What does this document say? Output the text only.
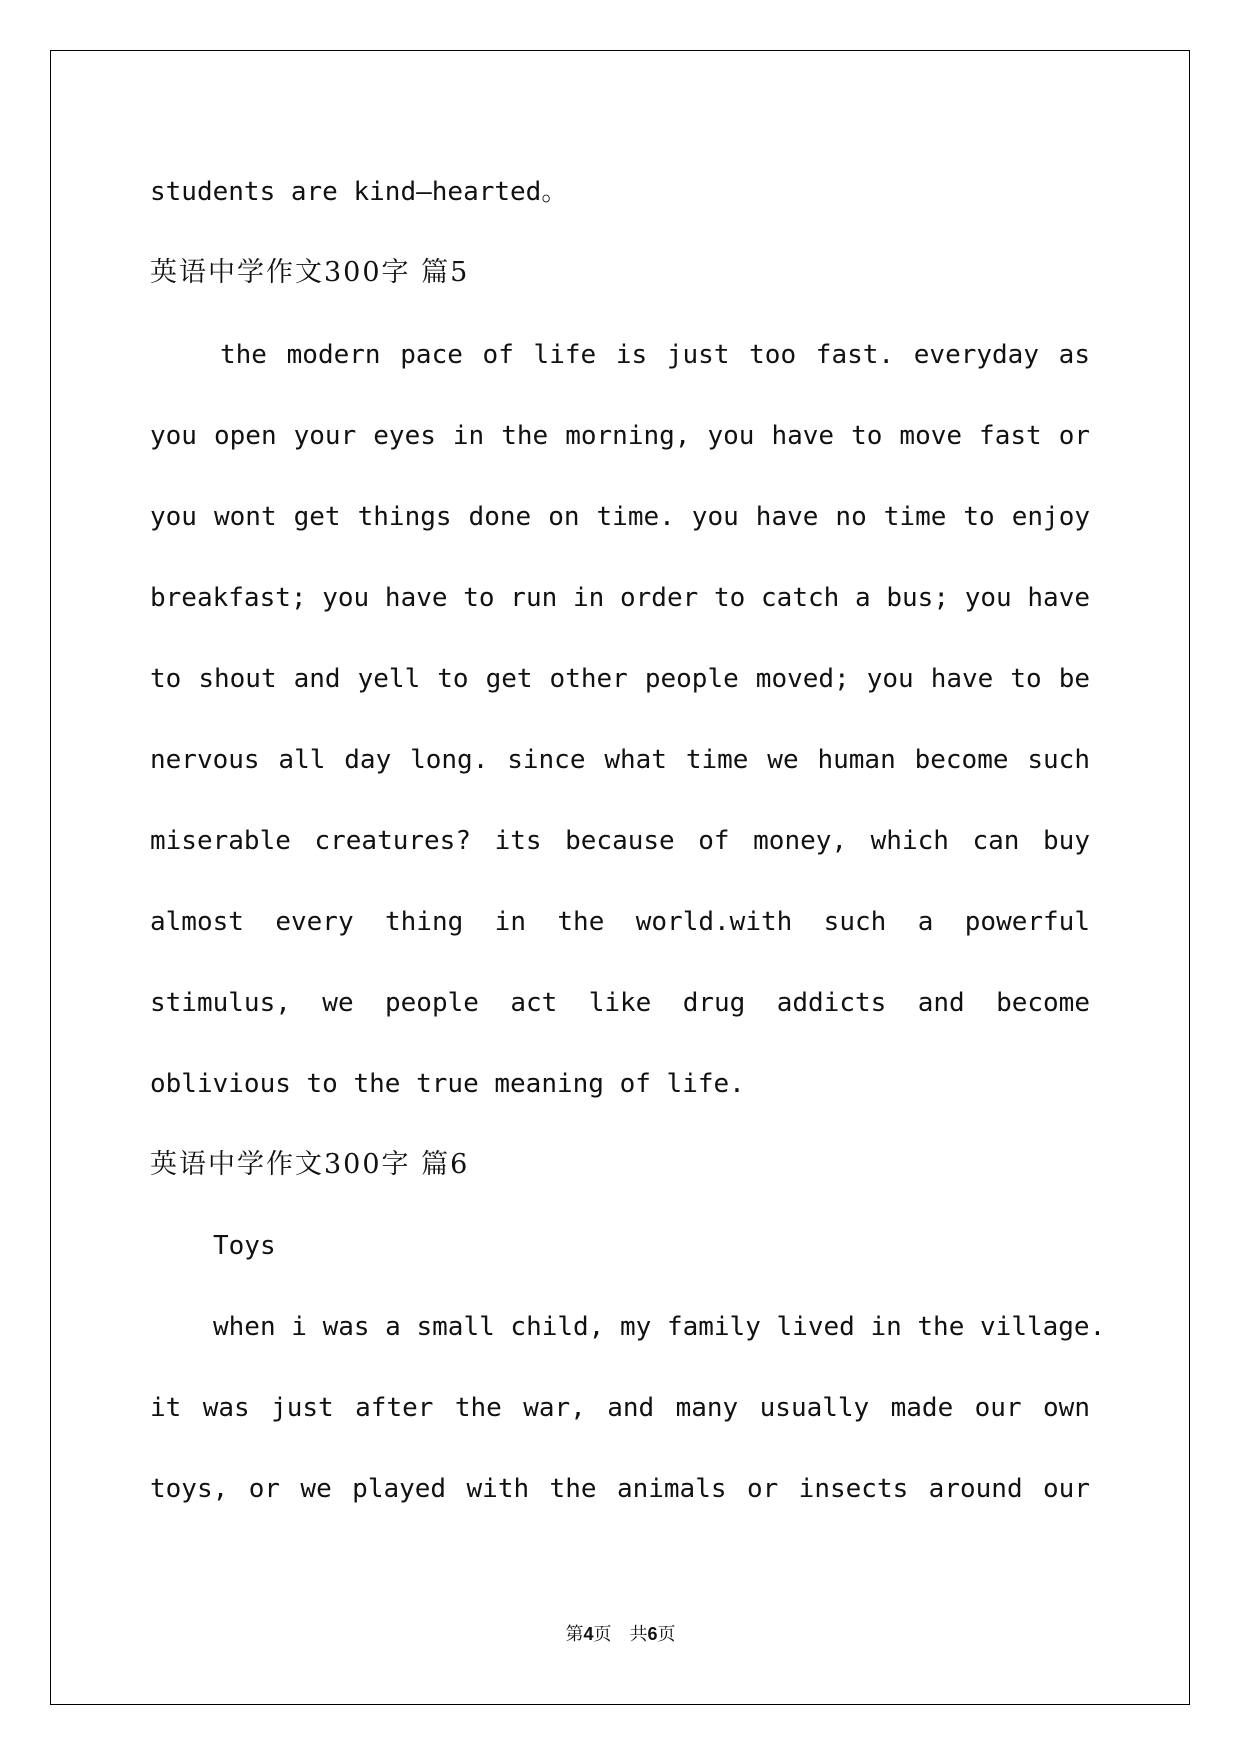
students are kind—hearted。
英语中学作文300字 篇5
the modern pace of life is just too fast. everyday as
you open your eyes in the morning, you have to move fast or
you wont get things done on time. you have no time to enjoy
breakfast; you have to run in order to catch a bus; you have
to shout and yell to get other people moved; you have to be
nervous all day long. since what time we human become such
miserable creatures? its because of money, which can buy
almost every thing in the world.with such a powerful
stimulus, we people act like drug addicts and become
oblivious to the true meaning of life.
英语中学作文300字 篇6
Toys
when i was a small child, my family lived in the village.
it was just after the war, and many usually made our own
toys, or we played with the animals or insects around our
第4页　共6页
